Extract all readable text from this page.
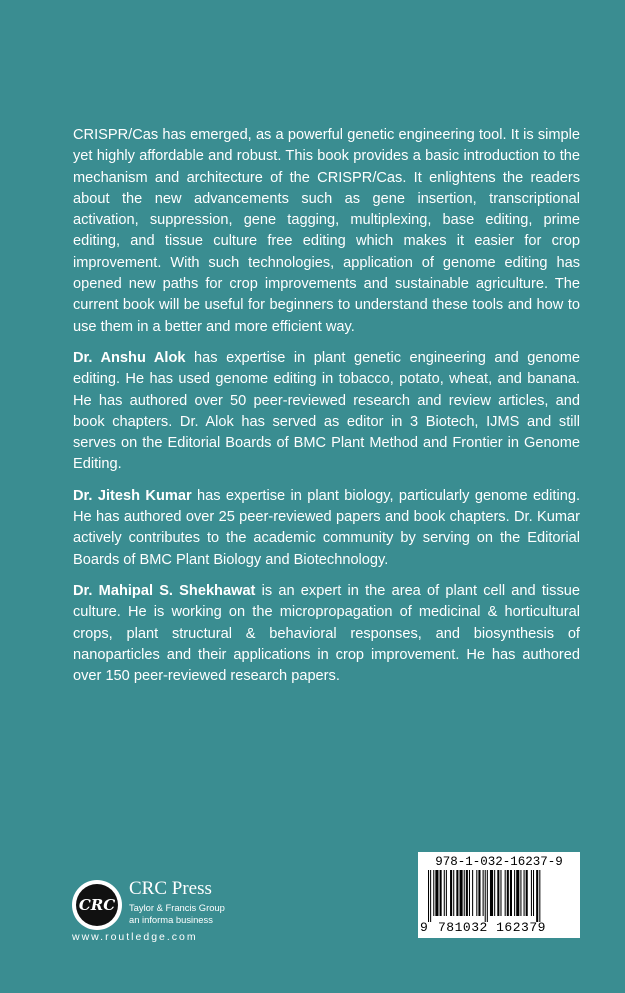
CRISPR/Cas has emerged, as a powerful genetic engineering tool. It is simple yet highly affordable and robust. This book provides a basic introduction to the mechanism and architecture of the CRISPR/Cas. It enlightens the readers about the new advancements such as gene insertion, transcriptional activation, suppression, gene tagging, multiplexing, base editing, prime editing, and tissue culture free editing which makes it easier for crop improvement. With such technologies, application of genome editing has opened new paths for crop improvements and sustainable agriculture. The current book will be useful for beginners to understand these tools and how to use them in a better and more efficient way.

Dr. Anshu Alok has expertise in plant genetic engineering and genome editing. He has used genome editing in tobacco, potato, wheat, and banana. He has authored over 50 peer-reviewed research and review articles, and book chapters. Dr. Alok has served as editor in 3 Biotech, IJMS and still serves on the Editorial Boards of BMC Plant Method and Frontier in Genome Editing.

Dr. Jitesh Kumar has expertise in plant biology, particularly genome editing. He has authored over 25 peer-reviewed papers and book chapters. Dr. Kumar actively contributes to the academic community by serving on the Editorial Boards of BMC Plant Biology and Biotechnology.

Dr. Mahipal S. Shekhawat is an expert in the area of plant cell and tissue culture. He is working on the micropropagation of medicinal & horticultural crops, plant structural & behavioral responses, and biosynthesis of nanoparticles and their applications in crop improvement. He has authored over 150 peer-reviewed research papers.

CRC
CRC Press
Taylor & Francis Group
an informa business
www.routledge.com
978-1-032-16237-9
9 781032 162379
